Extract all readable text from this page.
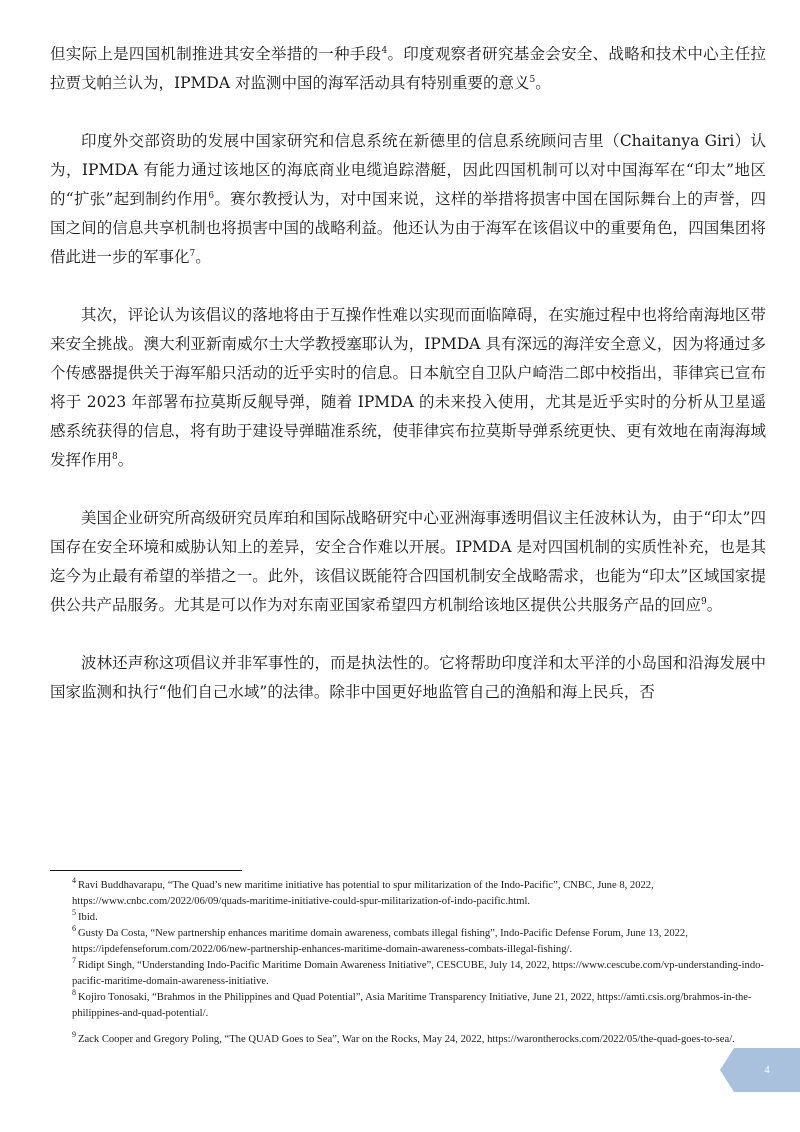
但实际上是四国机制推进其安全举措的一种手段$^4$。印度观察者研究基金会安全、战略和技术中心主任拉拉贾戈帕兰认为，IPMDA 对监测中国的海军活动具有特别重要的意义$^5$。

印度外交部资助的发展中国家研究和信息系统在新德里的信息系统顾问吉里（Chaitanya Giri）认为，IPMDA 有能力通过该地区的海底商业电缆追踪潜艇，因此四国机制可以对中国海军在“印太”地区的“扩张”起到制约作用$^6$。赛尔教授认为，对中国来说，这样的举措将损害中国在国际舞台上的声誉，四国之间的信息共享机制也将损害中国的战略利益。他还认为由于海军在该倡议中的重要角色，四国集团将借此进一步的军事化$^7$。

其次，评论认为该倡议的落地将由于互操作性难以实现而面临障碍，在实施过程中也将给南海地区带来安全挑战。澳大利亚新南威尔士大学教授塞耶认为，IPMDA 具有深远的海洋安全意义，因为将通过多个传感器提供关于海军船只活动的近乎实时的信息。日本航空自卫队户崎浩二郎中校指出，菲律宾已宣布将于 2023 年部署布拉莫斯反舰导弹，随着 IPMDA 的未来投入使用，尤其是近乎实时的分析从卫星遥感系统获得的信息，将有助于建设导弹瞄准系统，使菲律宾布拉莫斯导弹系统更快、更有效地在南海海域发挥作用$^8$。

美国企业研究所高级研究员库珀和国际战略研究中心亚洲海事透明倡议主任波林认为，由于“印太”四国存在安全环境和威胁认知上的差异，安全合作难以开展。IPMDA 是对四国机制的实质性补充，也是其迄今为止最有希望的举措之一。此外，该倡议既能符合四国机制安全战略需求，也能为“印太”区域国家提供公共产品服务。尤其是可以作为对东南亚国家希望四方机制给该地区提供公共服务产品的回应$^9$。

波林还声称这项倡议并非军事性的，而是执法性的。它将帮助印度洋和太平洋的小岛国和沿海发展中国家监测和执行“他们自己水域”的法律。除非中国更好地监管自己的渔船和海上民兵，否

$^4$ Ravi Buddhavarapu, “The Quad’s new maritime initiative has potential to spur militarization of the Indo-Pacific”, CNBC, June 8, 2022, https://www.cnbc.com/2022/06/09/quads-maritime-initiative-could-spur-militarization-of-indo-pacific.html.

$^5$ Ibid.

$^6$ Gusty Da Costa, “New partnership enhances maritime domain awareness, combats illegal fishing”, Indo-Pacific Defense Forum, June 13, 2022, https://ipdefenseforum.com/2022/06/new-partnership-enhances-maritime-domain-awareness-combats-illegal-fishing/.

$^7$ Ridipt Singh, “Understanding Indo-Pacific Maritime Domain Awareness Initiative”, CESCUBE, July 14, 2022, https://www.cescube.com/vp-understanding-indo-pacific-maritime-domain-awareness-initiative.

$^8$ Kojiro Tonosaki, “Brahmos in the Philippines and Quad Potential”, Asia Maritime Transparency Initiative, June 21, 2022, https://amti.csis.org/brahmos-in-the-philippines-and-quad-potential/.

$^9$ Zack Cooper and Gregory Poling, “The QUAD Goes to Sea”, War on the Rocks, May 24, 2022, https://warontherocks.com/2022/05/the-quad-goes-to-sea/.

4
